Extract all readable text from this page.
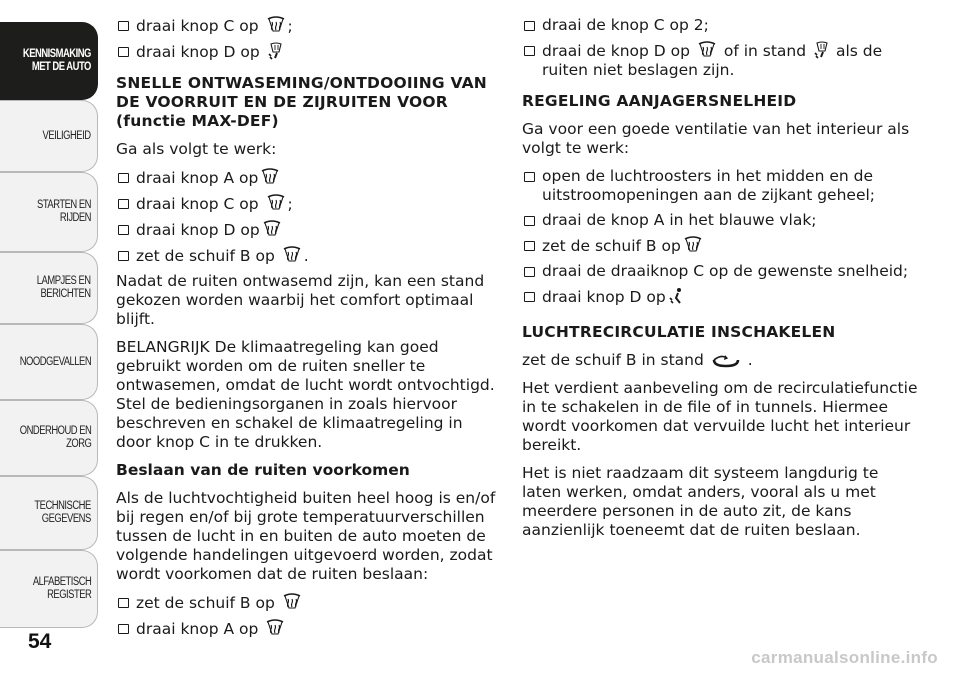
KENNISMAKING
MET DE AUTO
VEILIGHEID
STARTEN EN RIJDEN
LAMPJES EN
BERICHTEN
NOODGEVALLEN
ONDERHOUD EN
ZORG
TECHNISCHE
GEGEVENS
ALFABETISCH
REGISTER
54
draai knop C op ;
draai knop D op
SNELLE ONTWASEMING/ONTDOOIING VAN DE VOORRUIT EN DE ZIJRUITEN VOOR (functie MAX-DEF)

Ga als volgt te werk:

draai knop A op
draai knop C op ;
draai knop D op
zet de schuif B op .

Nadat de ruiten ontwasemd zijn, kan een stand gekozen worden waarbij het comfort optimaal blijft.

BELANGRIJK De klimaatregeling kan goed gebruikt worden om de ruiten sneller te ontwasemen, omdat de lucht wordt ontvochtigd. Stel de bedieningsorganen in zoals hiervoor beschreven en schakel de klimaatregeling in door knop C in te drukken.

Beslaan van de ruiten voorkomen

Als de luchtvochtigheid buiten heel hoog is en/of bij regen en/of bij grote temperatuurverschillen tussen de lucht in en buiten de auto moeten de volgende handelingen uitgevoerd worden, zodat wordt voorkomen dat de ruiten beslaan:

zet de schuif B op
draai knop A op
draai de knop C op 2;
draai de knop D op of in stand als de ruiten niet beslagen zijn.
REGELING AANJAGERSNELHEID

Ga voor een goede ventilatie van het interieur als volgt te werk:

open de luchtroosters in het midden en de uitstroomopeningen aan de zijkant geheel;
draai de knop A in het blauwe vlak;
zet de schuif B op
draai de draaiknop C op de gewenste snelheid;
draai knop D op
LUCHTRECIRCULATIE INSCHAKELEN

zet de schuif B in stand	.

Het verdient aanbeveling om de recirculatiefunctie in te schakelen in de file of in tunnels. Hiermee wordt voorkomen dat vervuilde lucht het interieur bereikt.

Het is niet raadzaam dit systeem langdurig te laten werken, omdat anders, vooral als u met meerdere personen in de auto zit, de kans aanzienlijk toeneemt dat de ruiten beslaan.

carmanualsonline.info
